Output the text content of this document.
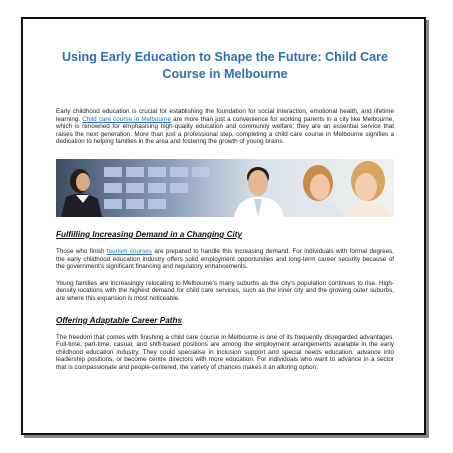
Using Early Education to Shape the Future: Child Care Course in Melbourne

Early childhood education is crucial for establishing the foundation for social interaction, emotional health, and lifetime learning. Child care course in Melbourne are more than just a convenience for working parents in a city like Melbourne, which is renowned for emphasising high-quality education and community welfare; they are an essential service that raises the next generation. More than just a professional step, completing a child care course in Melbourne signifies a dedication to helping families in the area and fostering the growth of young brains.

Fulfilling Increasing Demand in a Changing City

Those who finish tourism courses are prepared to handle this increasing demand. For individuals with formal degrees, the early childhood education industry offers solid employment opportunities and long-term career security because of the government's significant financing and regulatory enhancements.

Young families are increasingly relocating to Melbourne's many suburbs as the city's population continues to rise. High-density locations with the highest demand for child care services, such as the inner city and the growing outer suburbs, are where this expansion is most noticeable.

Offering Adaptable Career Paths

The freedom that comes with finishing a child care course in Melbourne is one of its frequently disregarded advantages. Full-time, part-time, casual, and shift-based positions are among the employment arrangements available in the early childhood education industry. They could specialise in inclusion support and special needs education, advance into leadership positions, or become centre directors with more education. For individuals who want to advance in a sector that is compassionate and people-centered, the variety of chances makes it an alluring option.
